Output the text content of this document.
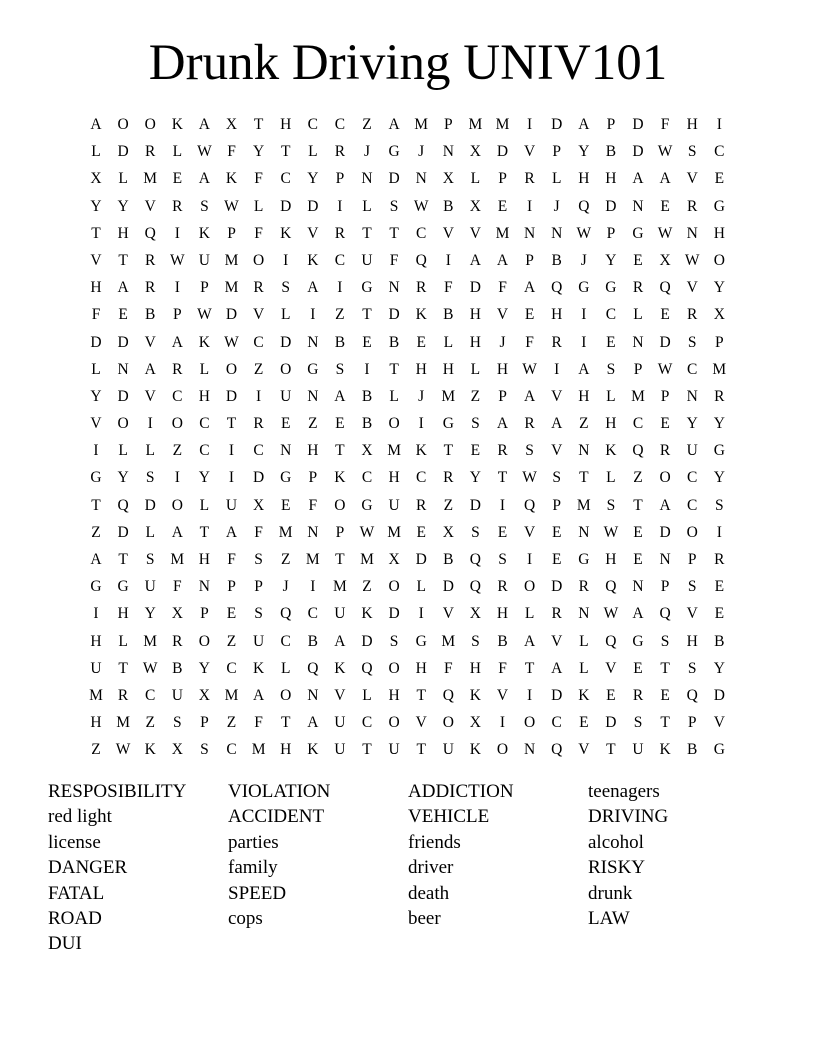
Drunk Driving UNIV101
A	O	O	K	A	X	T	H	C	C	Z	A M	P	M M	I	D	A	P	D	F	H	I
L	D	R	L W F	Y	T	L	R	J	G	J	N	X	D	V	P	Y	B	D W S	C
X	L M E	A	K	F	C	Y	P	N	D	N	X	L	P	R	L	H	H	A	A	V	E
Y	Y	V	R	S W L	D	D	I	L	S W B	X	E	I	J	Q	D	N	E	R	G
T	H	Q	I	K	P	F	K	V	R	T	T	C	V	V M N	N W P	G W N	H
V	T	R W U M O	I	K	C	U	F	Q	I	A	A	P	B	J	Y	E	X W O
H	A	R	I	P	M R	S	A	I	G	N	R	F	D	F	A	Q	G	G	R	Q	V	Y
F	E	B	P W D	V	L	I	Z	T	D	K	B	H	V	E	H	I	C	L	E	R	X
D	D	V	A	K W C	D	N	B	E	B	E	L	H	J	F	R	I	E	N	D	S	P
L	N	A	R	L	O	Z	O	G	S	I	T	H	H	L	H W	I	A	S	P W C M
Y	D	V	C	H	D	I	U	N	A	B	L	J	M Z	P	A	V	H	L M	P	N	R
V	O	I	O	C	T	R	E	Z	E	B	O	I	G	S	A	R	A	Z	H	C	E	Y	Y
I	L	L	Z	C	I	C	N	H	T	X M K	T	E	R	S	V	N	K	Q	R	U	G
G	Y	S	I	Y	I	D	G	P	K	C	H	C	R	Y	T W S	T	L	Z	O	C	Y
T	Q	D	O	L	U	X	E	F	O	G	U	R	Z	D	I	Q	P	M	S	T	A	C	S
Z	D	L	A	T	A	F	M N	P W M E	X	S	E	V	E	N W E	D	O	I
A	T	S	M H	F	S	Z M T M X	D	B	Q	S	I	E	G	H	E	N	P	R
G	G	U	F	N	P	P	J	I	M Z	O	L	D	Q	R	O	D	R	Q	N	P	S	E
I	H	Y	X	P	E	S	Q	C	U	K	D	I	V	X	H	L	R	N W A	Q	V	E
H	L M R	O	Z	U	C	B	A	D	S	G M	S	B	A	V	L	Q	G	S	H	B
U	T W B	Y	C	K	L	Q	K	Q	O	H	F	H	F	T	A	L	V	E	T	S	Y
M R	C	U	X M A	O	N	V	L	H	T	Q	K	V	I	D	K	E	R	E	Q	D
H M Z	S	P	Z	F	T	A	U	C	O	V	O	X	I	O	C	E	D	S	T	P	V
Z W K	X	S	C M H	K	U	T	U	T	U	K	O	N	Q	V	T	U	K	B	G
RESPOSIBILITY VIOLATION	ADDICTION	teenagers
red light	ACCIDENT	VEHICLE	DRIVING
license	parties	friends	alcohol
DANGER	family	driver	RISKY
FATAL	SPEED	death	drunk
ROAD	cops	beer	LAW
DUI
